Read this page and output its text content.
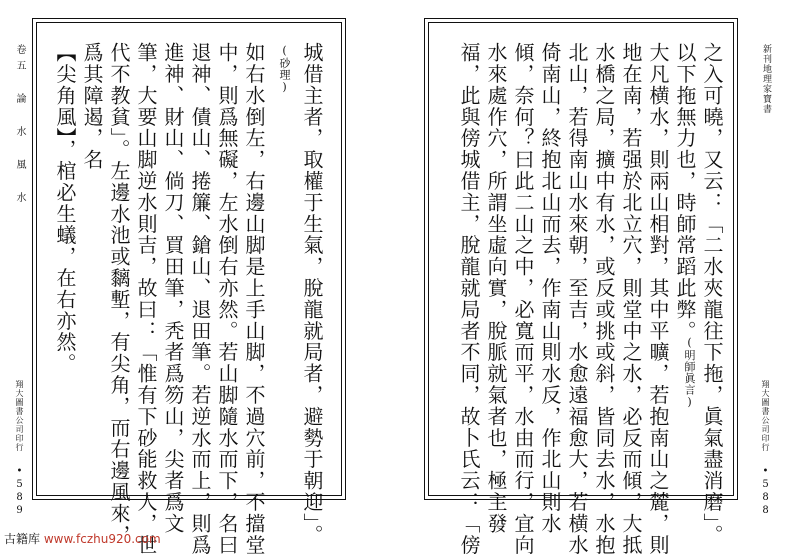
卷五 論 水 風 水
翔大圖書公司印行
•589	城借主者，取權于生氣，脫龍就局者，避勢于朝迎」。
(砂理)
如右水倒左，右邊山脚是上手山脚，不過穴前，不擋堂
中，則爲無礙，左水倒右亦然。若山脚隨水而下，名曰
退神、債山、捲簾、鎗山、退田筆。若逆水而上，則爲
進神、財山、倘刀、買田筆，秃者爲笏山，尖者爲文
筆，大要山脚逆水則吉，故曰：「惟有下砂能救人，世
代不教貧」。左邊水池或黐塹，有尖角，而右邊風來，
爲其障遏，名
【尖角風】，棺必生蟻，在右亦然。	新刊地理家寶書
翔大圖書公司印行
•588
之入可曉，又云：「二水夾龍往下拖，眞氣盡消磨」。
以下拖無力也，時師常蹈此弊。
(明師眞言)
大凡横水，則兩山相對，其中平曠，若抱南山之麓，則
地在南，若强於北立穴，則堂中之水，必反而傾，大抵
水橋之局，擴中有水，或反或挑或斜，皆同去水，水抱
北山，若得南山水來朝，至吉，水愈遠福愈大，若横水
倚南山，終抱北山而去，作南山則水反，作北山則水
傾，奈何？曰此二山之中，必寬而平，水由而行，宜向
水來處作穴，所謂坐虛向實，脫脈就氣者也，極主發
福，此與傍城借主，脫龍就局者不同，故卜氏云：「傍
古籍库 www.fczhu920.com
